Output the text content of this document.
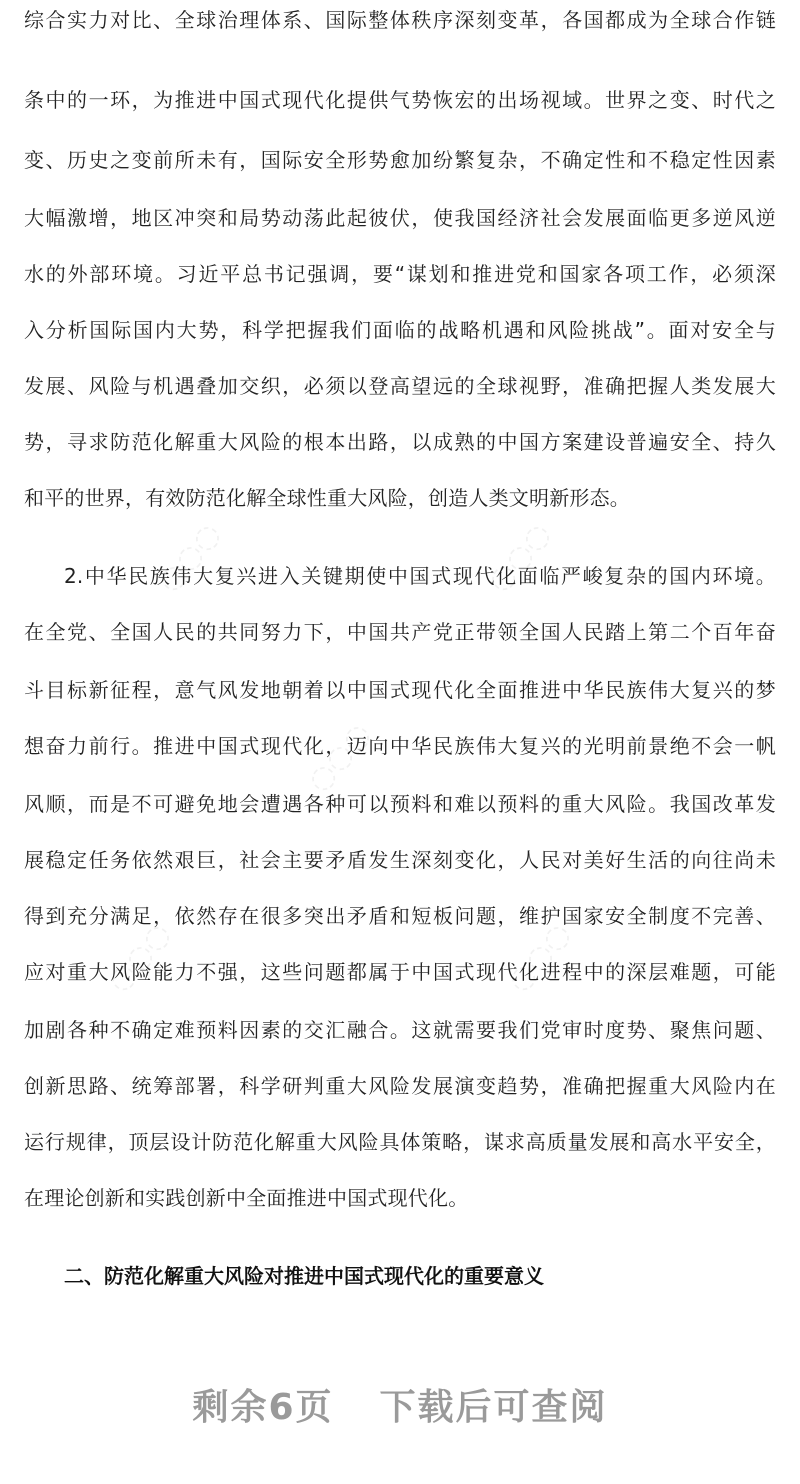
◌◌◌	◌◌◌
◌◌◌
◌◌◌	◌◌◌
综合实力对比、全球治理体系、国际整体秩序深刻变革，各国都成为全球合作链
条中的一环，为推进中国式现代化提供气势恢宏的出场视域。世界之变、时代之
变、历史之变前所未有，国际安全形势愈加纷繁复杂，不确定性和不稳定性因素
大幅激增，地区冲突和局势动荡此起彼伏，使我国经济社会发展面临更多逆风逆
水的外部环境。习近平总书记强调，要“谋划和推进党和国家各项工作，必须深
入分析国际国内大势，科学把握我们面临的战略机遇和风险挑战”。面对安全与
发展、风险与机遇叠加交织，必须以登高望远的全球视野，准确把握人类发展大
势，寻求防范化解重大风险的根本出路，以成熟的中国方案建设普遍安全、持久
和平的世界，有效防范化解全球性重大风险，创造人类文明新形态。
2.中华民族伟大复兴进入关键期使中国式现代化面临严峻复杂的国内环境。
在全党、全国人民的共同努力下，中国共产党正带领全国人民踏上第二个百年奋
斗目标新征程，意气风发地朝着以中国式现代化全面推进中华民族伟大复兴的梦
想奋力前行。推进中国式现代化，迈向中华民族伟大复兴的光明前景绝不会一帆
风顺，而是不可避免地会遭遇各种可以预料和难以预料的重大风险。我国改革发
展稳定任务依然艰巨，社会主要矛盾发生深刻变化，人民对美好生活的向往尚未
得到充分满足，依然存在很多突出矛盾和短板问题，维护国家安全制度不完善、
应对重大风险能力不强，这些问题都属于中国式现代化进程中的深层难题，可能
加剧各种不确定难预料因素的交汇融合。这就需要我们党审时度势、聚焦问题、
创新思路、统筹部署，科学研判重大风险发展演变趋势，准确把握重大风险内在
运行规律，顶层设计防范化解重大风险具体策略，谋求高质量发展和高水平安全，
在理论创新和实践创新中全面推进中国式现代化。
二、防范化解重大风险对推进中国式现代化的重要意义
剩余6页 下载后可查阅
